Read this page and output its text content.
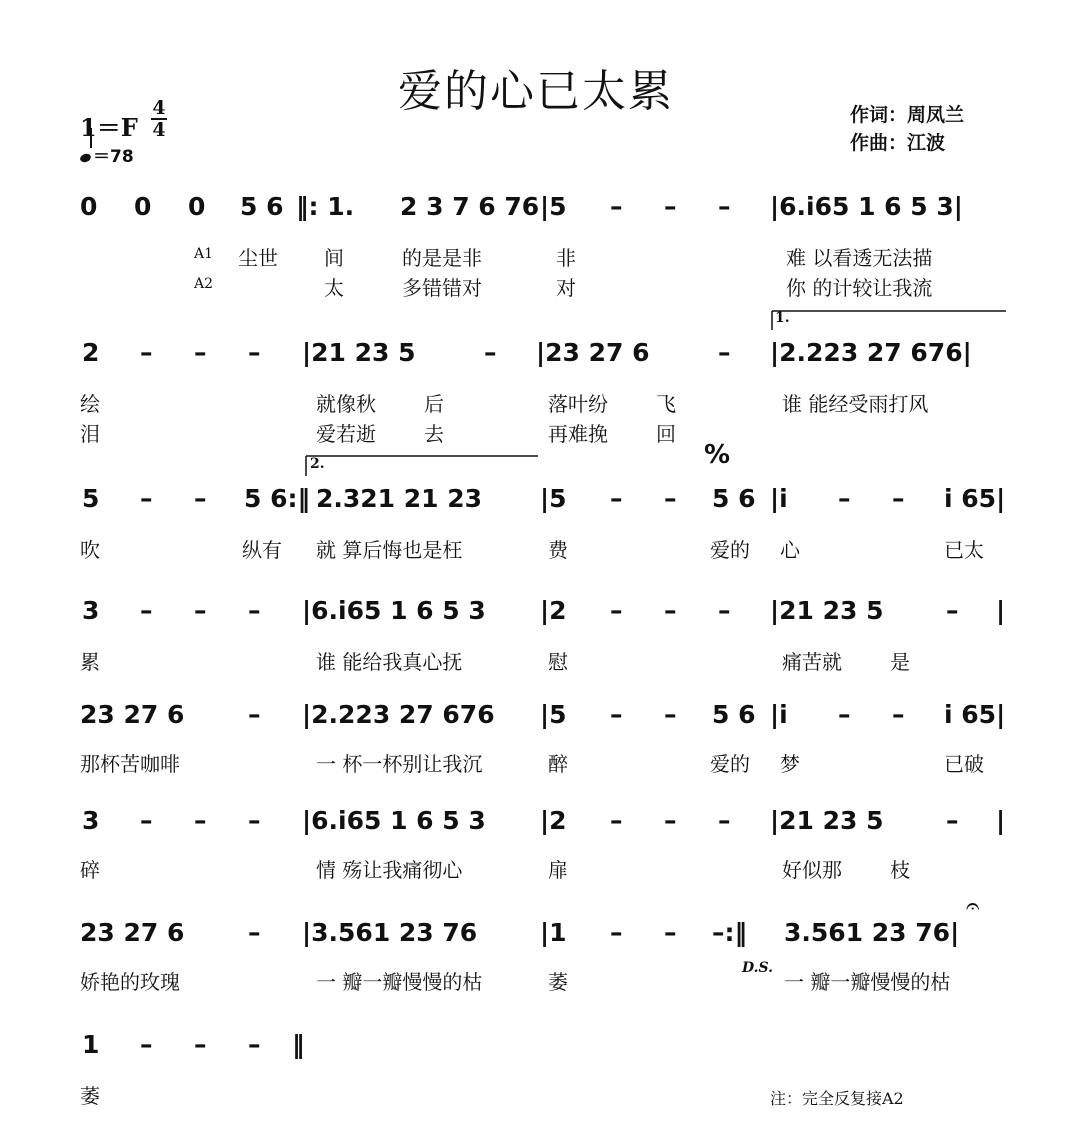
爱的心已太累	作词：周凤兰
作曲：江波
1＝F
4
4
＝78
0 0 0 5 6 ‖: 1. 2 3 7 6 76 |5 – – – |6.i65 1 6 5 3|
A1 尘世 间	的是是非	非	难 以看透无法描
A2	太	多错错对	对	你 的计较让我流
2 – – – |21 23 5	– |23 27 6	– |2.223 27 676|
1.
绘	就像秋 后	落叶纷 飞	谁 能经受雨打风
泪	爱若逝 去	再难挽 回
%
5 – – 5 6:‖ 2.321 21 23 |5 – – 5 6 |i – – i 65|
2.
吹	纵有 就 算后悔也是枉	费	爱的 心	已太
3 – – – |6.i65 1 6 5 3 |2 – – – |21 23 5 – |
累	谁 能给我真心抚	慰	痛苦就 是
23 27 6	– |2.223 27 676 |5 – – 5 6 |i – – i 65|
那杯苦咖啡	一 杯一杯别让我沉	醉	爱的 梦	已破
3 – – – |6.i65 1 6 5 3 |2 – – – |21 23 5 – |
碎	情 殇让我痛彻心	扉	好似那 枝
𝄐
23 27 6	– |3.561 23 76	|1 – – –:‖ 3.561 23 76|
娇艳的玫瑰	一 瓣一瓣慢慢的枯	萎
D.S.
一 瓣一瓣慢慢的枯
1 – – – ‖
萎	注：完全反复接A2
